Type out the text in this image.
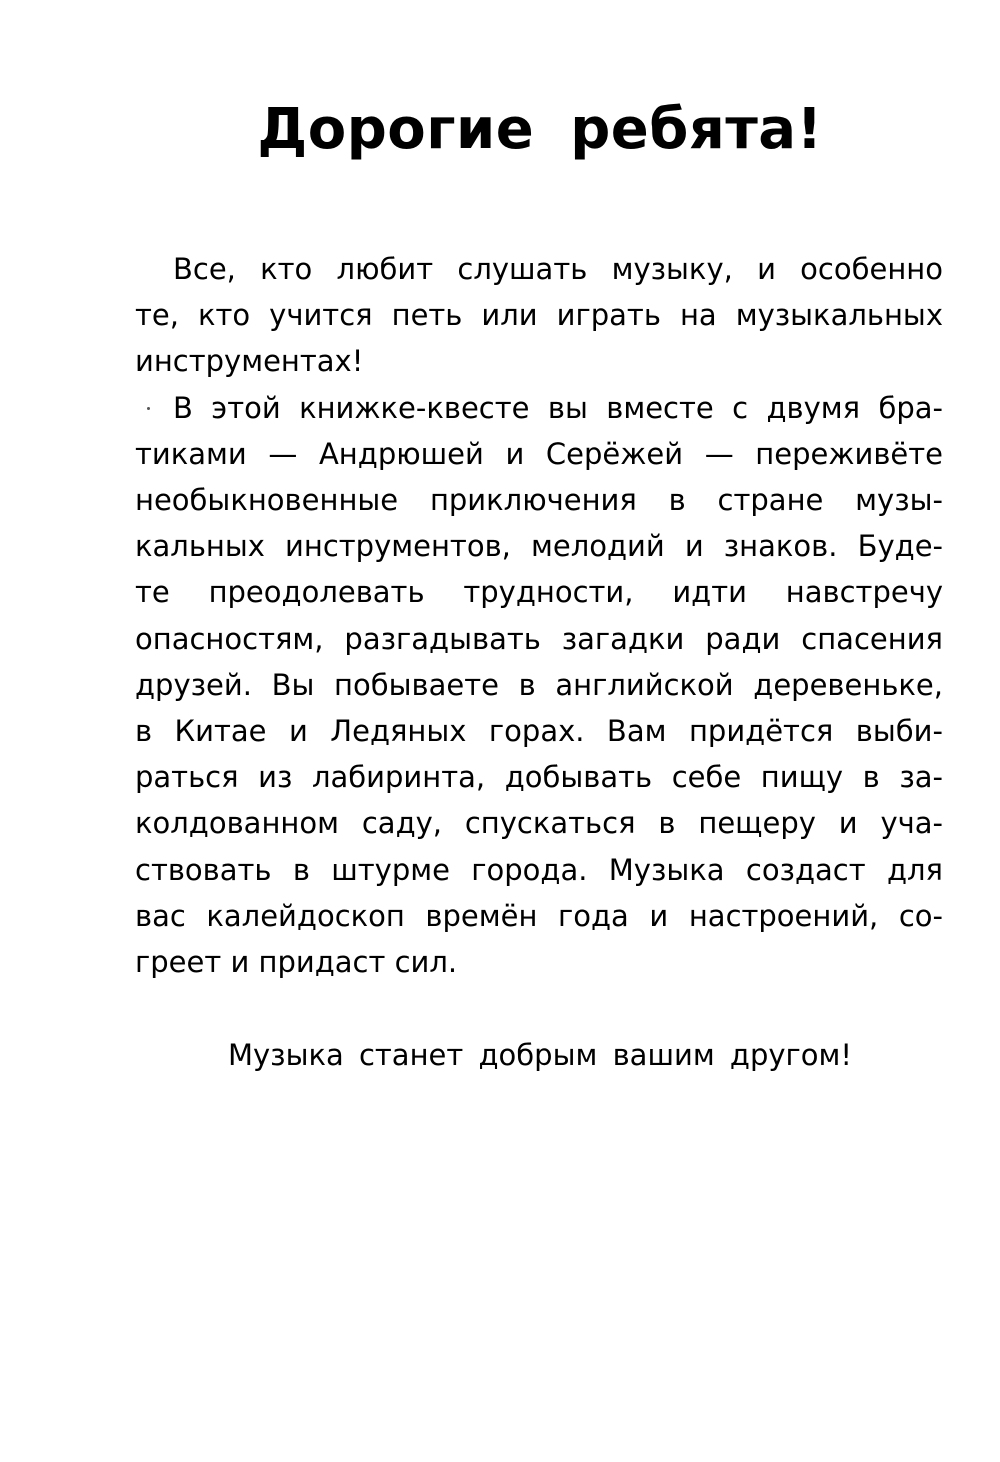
Дорогие ребята!
Все, кто любит слушать музыку, и особенно
те, кто учится петь или играть на музыкальных
инструментах!
В этой книжке-квесте вы вместе с двумя бра-
тиками — Андрюшей и Серёжей — переживёте
необыкновенные приключения в стране музы-
кальных инструментов, мелодий и знаков. Буде-
те преодолевать трудности, идти навстречу
опасностям, разгадывать загадки ради спасения
друзей. Вы побываете в английской деревеньке,
в Китае и Ледяных горах. Вам придётся выби-
раться из лабиринта, добывать себе пищу в за-
колдованном саду, спускаться в пещеру и уча-
ствовать в штурме города. Музыка создаст для
вас калейдоскоп времён года и настроений, со-
греет и придаст сил.
Музыка станет добрым вашим другом!
